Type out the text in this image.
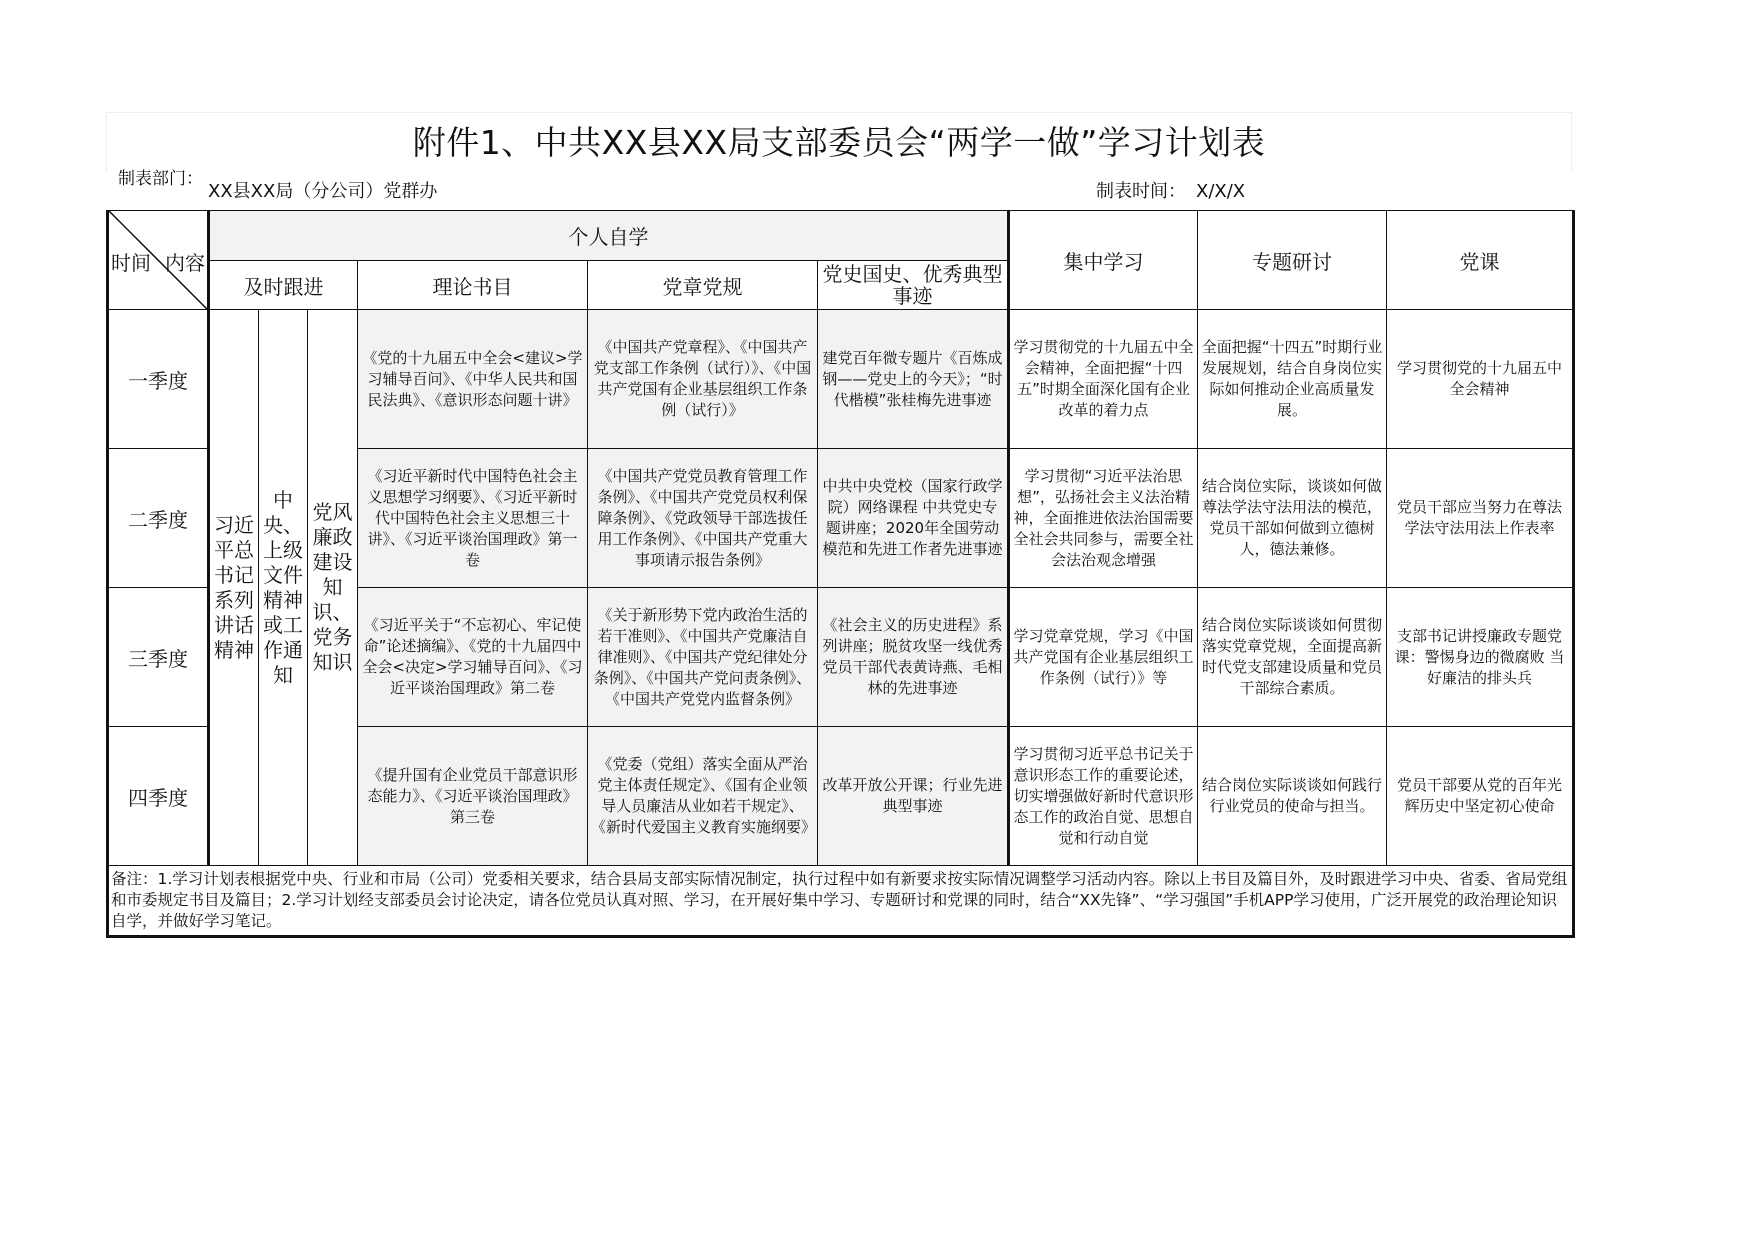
附件1、中共XX县XX局支部委员会“两学一做”学习计划表
制表部门：
XX县XX局（分公司）党群办	制表时间： X/X/X
时间 内容	个人自学						集中学习	专题研讨	党课
	及时跟进			理论书目	党章党规	党史国史、优秀典型事迹			
一季度	习近平总书记系列讲话精神	中央、上级文件精神或工作通知	党风廉政建设知识、党务知识	《党的十九届五中全会<建议>学习辅导百问》、《中华人民共和国民法典》、《意识形态问题十讲》	《中国共产党章程》、《中国共产党支部工作条例（试行）》、《中国共产党国有企业基层组织工作条例（试行）》	建党百年微专题片《百炼成钢——党史上的今天》；“时代楷模”张桂梅先进事迹	学习贯彻党的十九届五中全会精神，全面把握“十四五”时期全面深化国有企业改革的着力点	全面把握“十四五”时期行业发展规划，结合自身岗位实际如何推动企业高质量发展。	学习贯彻党的十九届五中全会精神
二季度				《习近平新时代中国特色社会主义思想学习纲要》、《习近平新时代中国特色社会主义思想三十讲》、《习近平谈治国理政》第一卷	《中国共产党党员教育管理工作条例》、《中国共产党党员权利保障条例》、《党政领导干部选拔任用工作条例》、《中国共产党重大事项请示报告条例》	中共中央党校（国家行政学院）网络课程 中共党史专题讲座；2020年全国劳动模范和先进工作者先进事迹	学习贯彻“习近平法治思想”，弘扬社会主义法治精神，全面推进依法治国需要全社会共同参与，需要全社会法治观念增强	结合岗位实际，谈谈如何做尊法学法守法用法的模范，党员干部如何做到立德树人，德法兼修。	党员干部应当努力在尊法学法守法用法上作表率
三季度				《习近平关于“不忘初心、牢记使命”论述摘编》、《党的十九届四中全会<决定>学习辅导百问》、《习近平谈治国理政》第二卷	《关于新形势下党内政治生活的若干准则》、《中国共产党廉洁自律准则》、《中国共产党纪律处分条例》、《中国共产党问责条例》、《中国共产党党内监督条例》	《社会主义的历史进程》系列讲座；脱贫攻坚一线优秀党员干部代表黄诗燕、毛相林的先进事迹	学习党章党规，学习《中国共产党国有企业基层组织工作条例（试行）》等	结合岗位实际谈谈如何贯彻落实党章党规，全面提高新时代党支部建设质量和党员干部综合素质。	支部书记讲授廉政专题党课：警惕身边的微腐败 当好廉洁的排头兵
四季度				《提升国有企业党员干部意识形态能力》、《习近平谈治国理政》第三卷	《党委（党组）落实全面从严治党主体责任规定》、《国有企业领导人员廉洁从业如若干规定》、《新时代爱国主义教育实施纲要》	改革开放公开课；行业先进典型事迹	学习贯彻习近平总书记关于意识形态工作的重要论述，切实增强做好新时代意识形态工作的政治自觉、思想自觉和行动自觉	结合岗位实际谈谈如何践行行业党员的使命与担当。	党员干部要从党的百年光辉历史中坚定初心使命
备注：1.学习计划表根据党中央、行业和市局（公司）党委相关要求，结合县局支部实际情况制定，执行过程中如有新要求按实际情况调整学习活动内容。除以上书目及篇目外，及时跟进学习中央、省委、省局党组和市委规定书目及篇目；2.学习计划经支部委员会讨论决定，请各位党员认真对照、学习，在开展好集中学习、专题研讨和党课的同时，结合“XX先锋”、“学习强国”手机APP学习使用，广泛开展党的政治理论知识自学，并做好学习笔记。									
